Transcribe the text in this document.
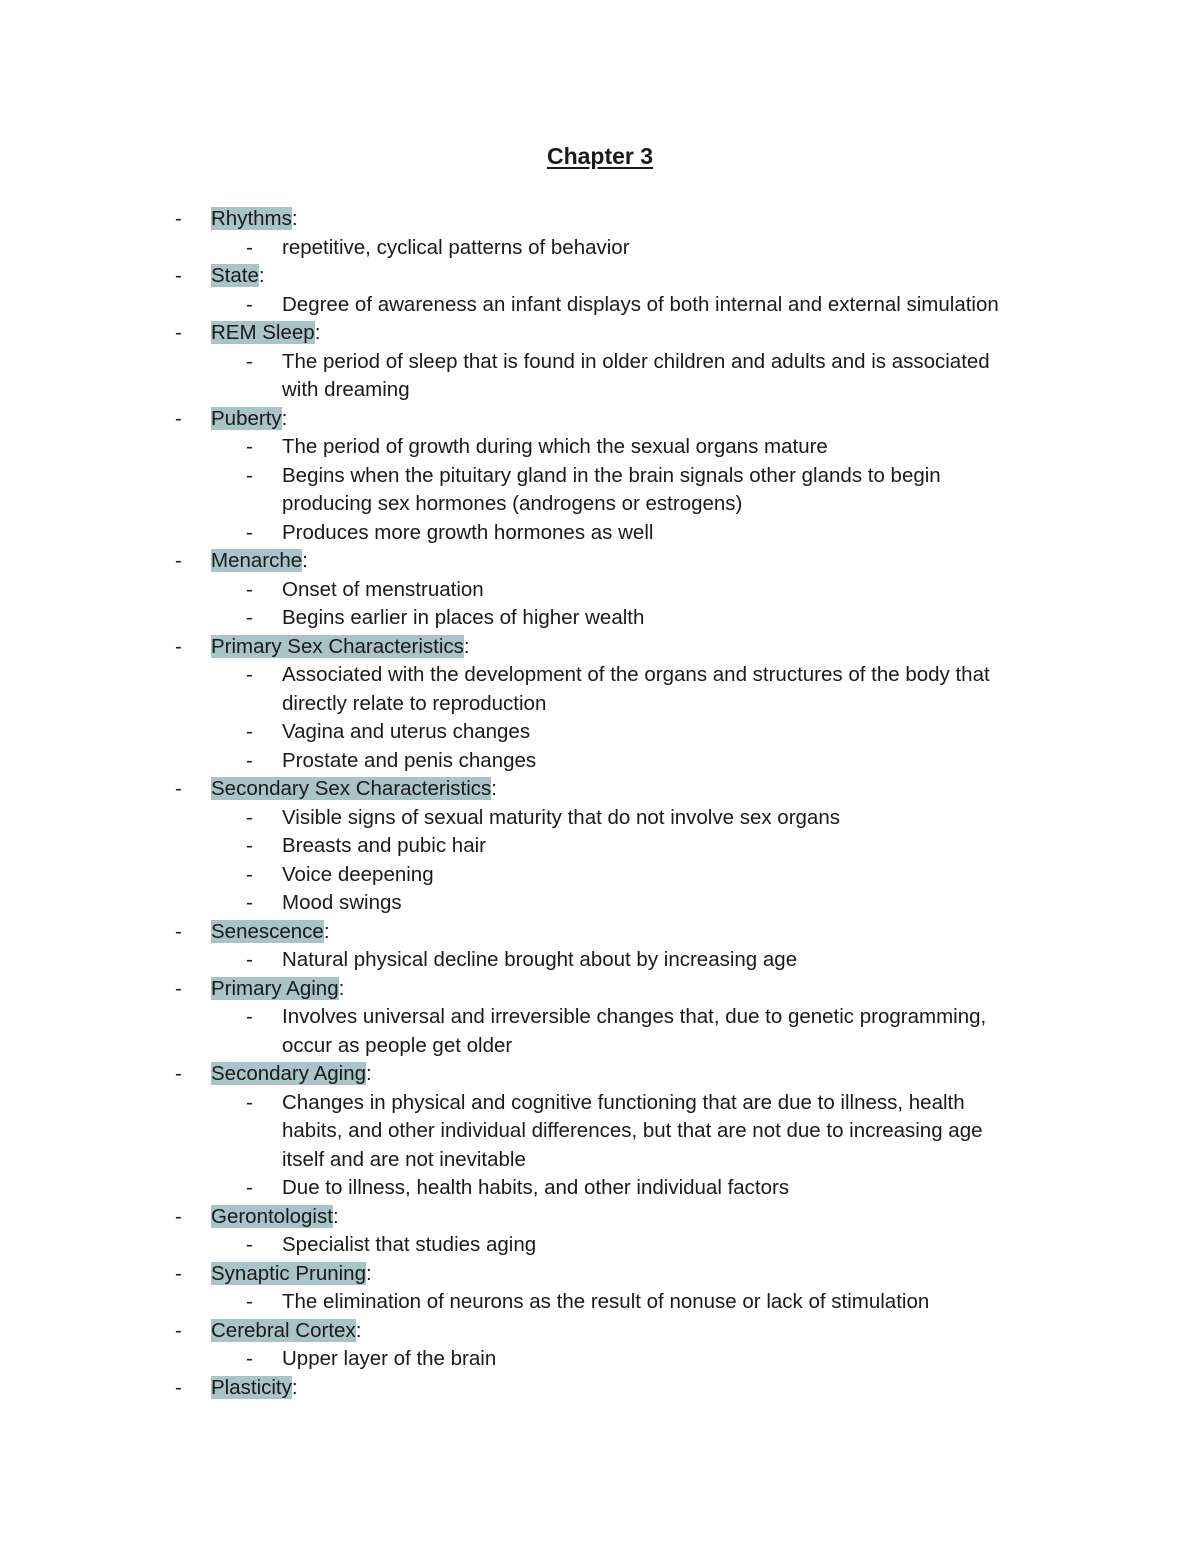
Chapter 3
- Rhythms:
- repetitive, cyclical patterns of behavior
- State:
- Degree of awareness an infant displays of both internal and external simulation
- REM Sleep:
- The period of sleep that is found in older children and adults and is associated
with dreaming
- Puberty:
- The period of growth during which the sexual organs mature
- Begins when the pituitary gland in the brain signals other glands to begin
producing sex hormones (androgens or estrogens)
- Produces more growth hormones as well
- Menarche:
- Onset of menstruation
- Begins earlier in places of higher wealth
- Primary Sex Characteristics:
- Associated with the development of the organs and structures of the body that
directly relate to reproduction
- Vagina and uterus changes
- Prostate and penis changes
- Secondary Sex Characteristics:
- Visible signs of sexual maturity that do not involve sex organs
- Breasts and pubic hair
- Voice deepening
- Mood swings
- Senescence:
- Natural physical decline brought about by increasing age
- Primary Aging:
- Involves universal and irreversible changes that, due to genetic programming,
occur as people get older
- Secondary Aging:
- Changes in physical and cognitive functioning that are due to illness, health
habits, and other individual differences, but that are not due to increasing age
itself and are not inevitable
- Due to illness, health habits, and other individual factors
- Gerontologist:
- Specialist that studies aging
- Synaptic Pruning:
- The elimination of neurons as the result of nonuse or lack of stimulation
- Cerebral Cortex:
- Upper layer of the brain
- Plasticity:
